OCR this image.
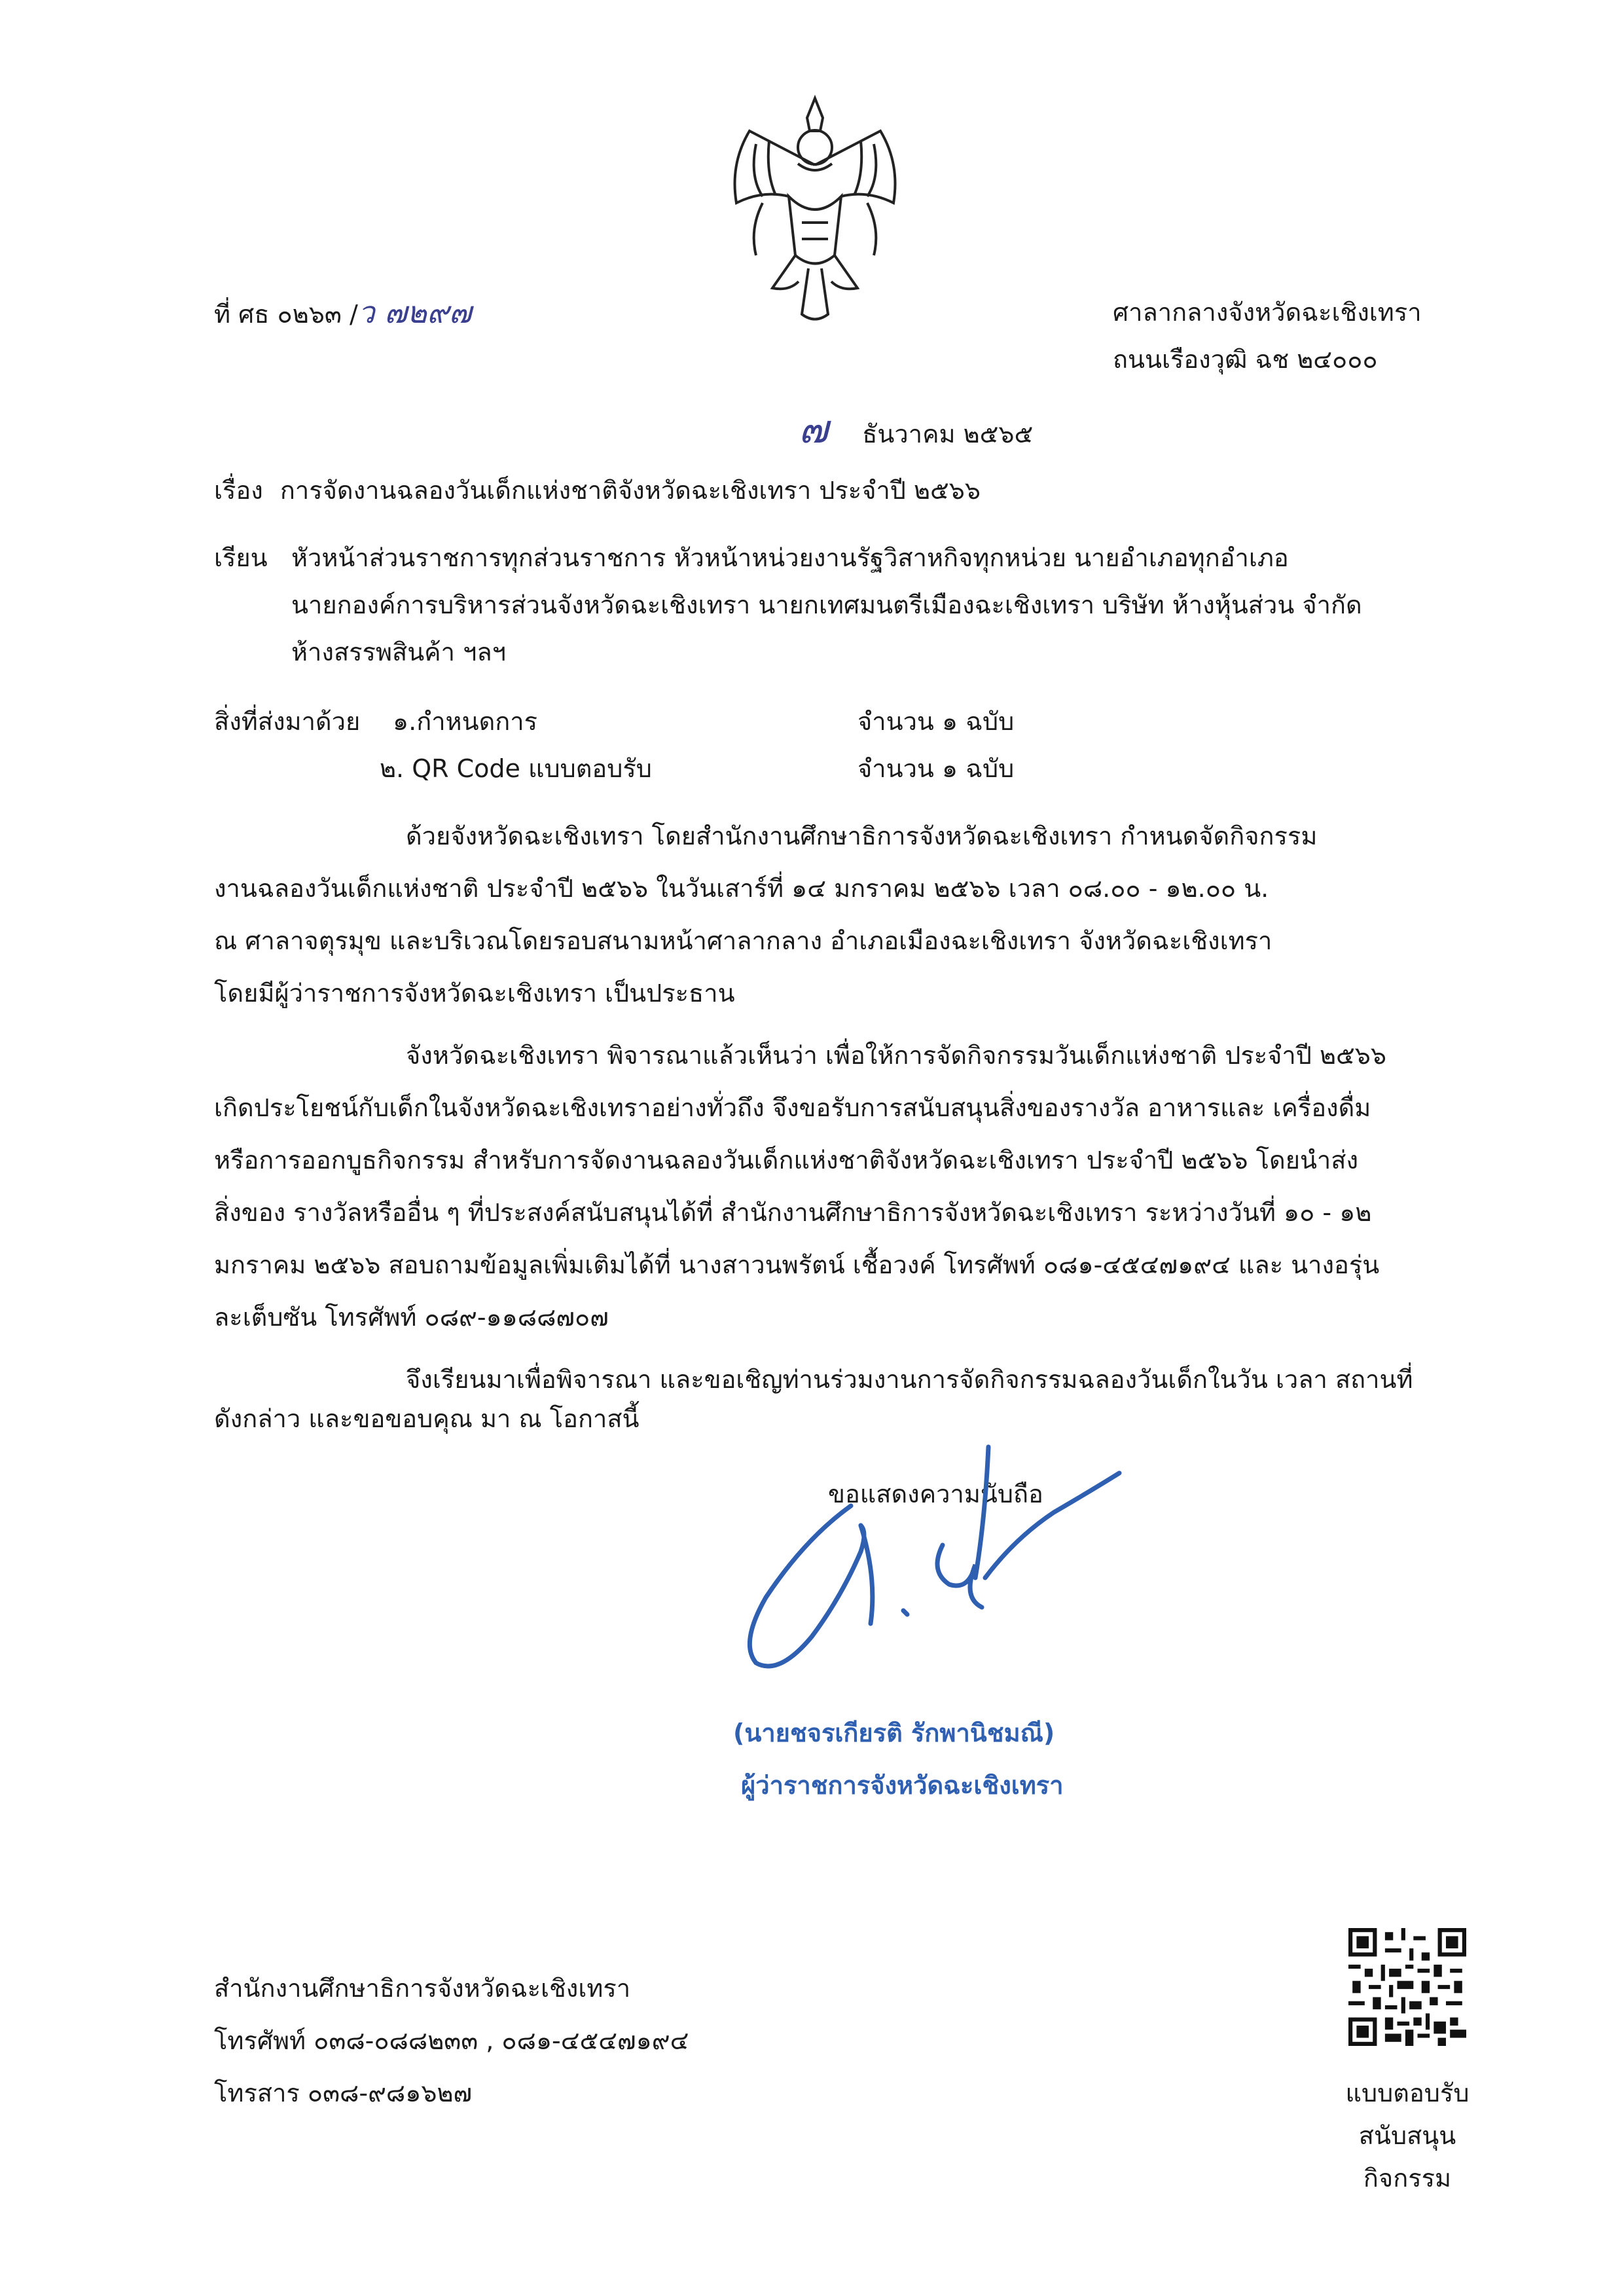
ที่ ศธ ๐๒๖๓ /ว ๗๒๙๗	ศาลากลางจังหวัดฉะเชิงเทรา
ถนนเรืองวุฒิ ฉช ๒๔๐๐๐
๗ ธันวาคม ๒๕๖๕
เรื่อง การจัดงานฉลองวันเด็กแห่งชาติจังหวัดฉะเชิงเทรา ประจำปี ๒๕๖๖
เรียน หัวหน้าส่วนราชการทุกส่วนราชการ หัวหน้าหน่วยงานรัฐวิสาหกิจทุกหน่วย นายอำเภอทุกอำเภอ
นายกองค์การบริหารส่วนจังหวัดฉะเชิงเทรา นายกเทศมนตรีเมืองฉะเชิงเทรา บริษัท ห้างหุ้นส่วน จำกัด
ห้างสรรพสินค้า ฯลฯ
สิ่งที่ส่งมาด้วย ๑.กำหนดการ	จำนวน ๑ ฉบับ
๒. QR Code แบบตอบรับ	จำนวน ๑ ฉบับ
ด้วยจังหวัดฉะเชิงเทรา โดยสำนักงานศึกษาธิการจังหวัดฉะเชิงเทรา กำหนดจัดกิจกรรม
งานฉลองวันเด็กแห่งชาติ ประจำปี ๒๕๖๖ ในวันเสาร์ที่ ๑๔ มกราคม ๒๕๖๖ เวลา ๐๘.๐๐ - ๑๒.๐๐ น.
ณ ศาลาจตุรมุข และบริเวณโดยรอบสนามหน้าศาลากลาง อำเภอเมืองฉะเชิงเทรา จังหวัดฉะเชิงเทรา
โดยมีผู้ว่าราชการจังหวัดฉะเชิงเทรา เป็นประธาน
จังหวัดฉะเชิงเทรา พิจารณาแล้วเห็นว่า เพื่อให้การจัดกิจกรรมวันเด็กแห่งชาติ ประจำปี ๒๕๖๖
เกิดประโยชน์กับเด็กในจังหวัดฉะเชิงเทราอย่างทั่วถึง จึงขอรับการสนับสนุนสิ่งของรางวัล อาหารและ เครื่องดื่ม
หรือการออกบูธกิจกรรม สำหรับการจัดงานฉลองวันเด็กแห่งชาติจังหวัดฉะเชิงเทรา ประจำปี ๒๕๖๖ โดยนำส่ง
สิ่งของ รางวัลหรืออื่น ๆ ที่ประสงค์สนับสนุนได้ที่ สำนักงานศึกษาธิการจังหวัดฉะเชิงเทรา ระหว่างวันที่ ๑๐ - ๑๒
มกราคม ๒๕๖๖ สอบถามข้อมูลเพิ่มเติมได้ที่ นางสาวนพรัตน์ เชื้อวงค์ โทรศัพท์ ๐๘๑-๔๕๔๗๑๙๔ และ นางอรุ่น
ละเต็บซัน โทรศัพท์ ๐๘๙-๑๑๘๘๗๐๗
จึงเรียนมาเพื่อพิจารณา และขอเชิญท่านร่วมงานการจัดกิจกรรมฉลองวันเด็กในวัน เวลา สถานที่
ดังกล่าว และขอขอบคุณ มา ณ โอกาสนี้
ขอแสดงความนับถือ
(นายชจรเกียรติ รักพานิชมณี)
ผู้ว่าราชการจังหวัดฉะเชิงเทรา
สำนักงานศึกษาธิการจังหวัดฉะเชิงเทรา
โทรศัพท์ ๐๓๘-๐๘๘๒๓๓ , ๐๘๑-๔๕๔๗๑๙๔
โทรสาร ๐๓๘-๙๘๑๖๒๗	แบบตอบรับ
สนับสนุน
กิจกรรม
